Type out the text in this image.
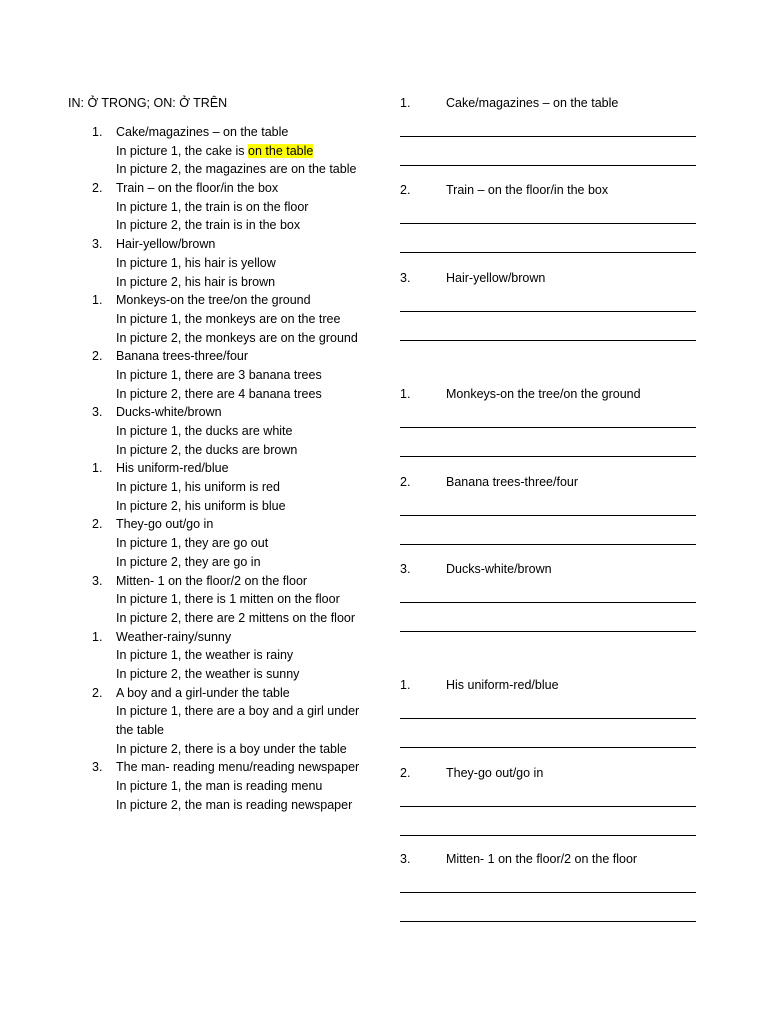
IN: Ở TRONG; ON: Ở TRÊN
1.	Cake/magazines – on the table
In picture 1, the cake is on the table
In picture 2, the magazines are on the table
2.	Train – on the floor/in the box
In picture 1, the train is on the floor
In picture 2, the train is in the box
3.	Hair-yellow/brown
In picture 1, his hair is yellow
In picture 2, his hair is brown
1.	Monkeys-on the tree/on the ground
In picture 1, the monkeys are on the tree
In picture 2, the monkeys are on the ground
2.	Banana trees-three/four
In picture 1, there are 3 banana trees
In picture 2, there are 4 banana trees
3.	Ducks-white/brown
In picture 1, the ducks are white
In picture 2, the ducks are brown
1.	His uniform-red/blue
In picture 1, his uniform is red
In picture 2, his uniform is blue
2.	They-go out/go in
In picture 1, they are go out
In picture 2, they are go in
3.	Mitten- 1 on the floor/2 on the floor
In picture 1, there is 1 mitten on the floor
In picture 2, there are 2 mittens on the floor
1.	Weather-rainy/sunny
In picture 1, the weather is rainy
In picture 2, the weather is sunny
2.	A boy and a girl-under the table
In picture 1, there are a boy and a girl under
the table
In picture 2, there is a boy under the table
3.	The man- reading menu/reading newspaper
In picture 1, the man is reading menu
In picture 2, the man is reading newspaper
1.	Cake/magazines – on the table
2.	Train – on the floor/in the box
3.	Hair-yellow/brown
1.	Monkeys-on the tree/on the ground
2.	Banana trees-three/four
3.	Ducks-white/brown
1.	His uniform-red/blue
2.	They-go out/go in
3.	Mitten- 1 on the floor/2 on the floor
